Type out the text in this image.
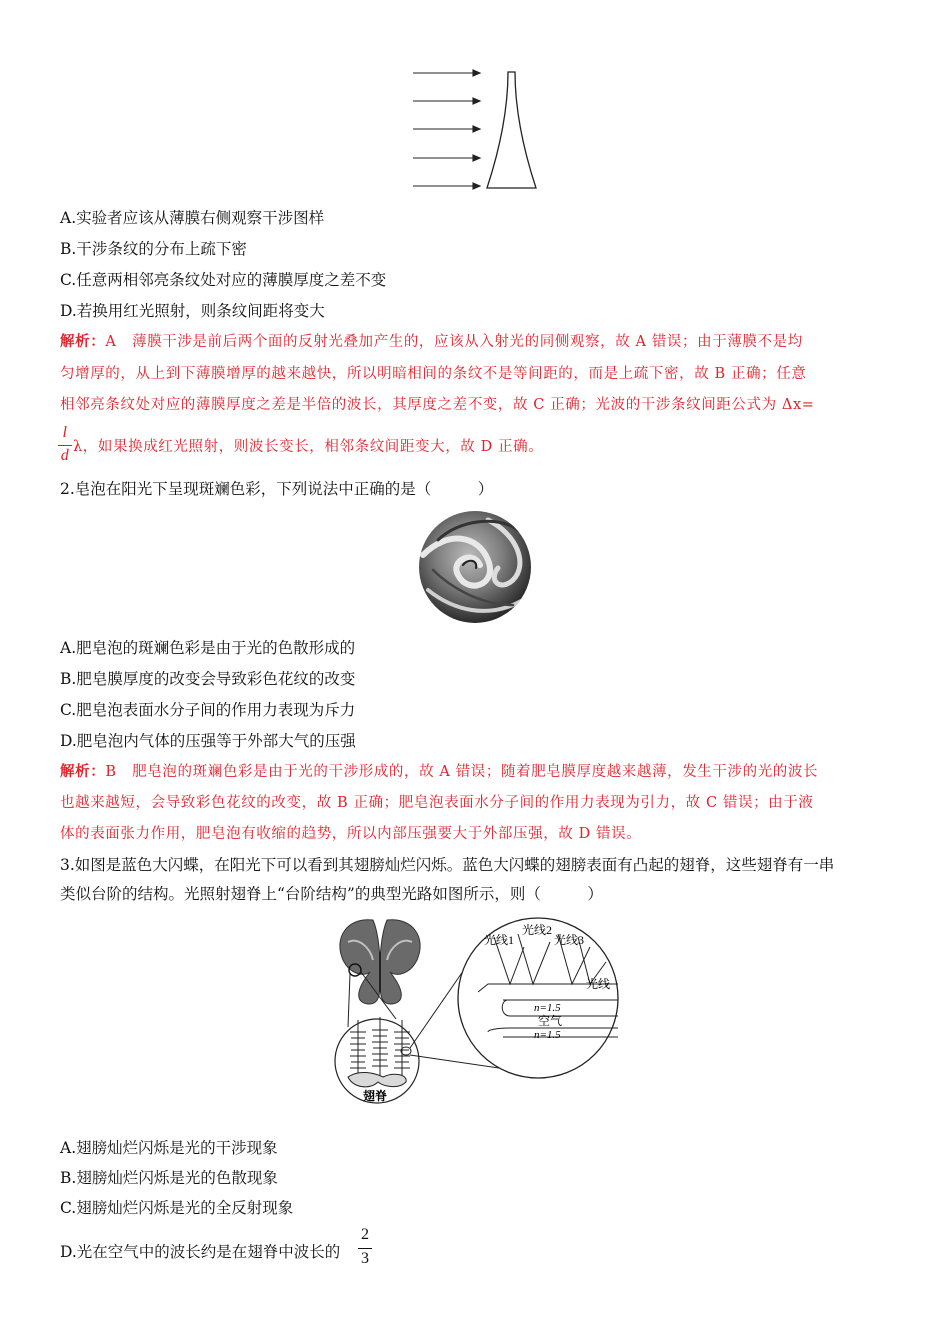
A.实验者应该从薄膜右侧观察干涉图样
B.干涉条纹的分布上疏下密
C.任意两相邻亮条纹处对应的薄膜厚度之差不变
D.若换用红光照射，则条纹间距将变大
解析：A 薄膜干涉是前后两个面的反射光叠加产生的，应该从入射光的同侧观察，故 A 错误；由于薄膜不是均
匀增厚的，从上到下薄膜增厚的越来越快，所以明暗相间的条纹不是等间距的，而是上疏下密，故 B 正确；任意
相邻亮条纹处对应的薄膜厚度之差是半倍的波长，其厚度之差不变，故 C 正确；光波的干涉条纹间距公式为 Δx=
l
d λ，如果换成红光照射，则波长变长，相邻条纹间距变大，故 D 正确。
2.皂泡在阳光下呈现斑斓色彩，下列说法中正确的是（　　　）
A.肥皂泡的斑斓色彩是由于光的色散形成的
B.肥皂膜厚度的改变会导致彩色花纹的改变
C.肥皂泡表面水分子间的作用力表现为斥力
D.肥皂泡内气体的压强等于外部大气的压强
解析：B 肥皂泡的斑斓色彩是由于光的干涉形成的，故 A 错误；随着肥皂膜厚度越来越薄，发生干涉的光的波长
也越来越短，会导致彩色花纹的改变，故 B 正确；肥皂泡表面水分子间的作用力表现为引力，故 C 错误；由于液
体的表面张力作用，肥皂泡有收缩的趋势，所以内部压强要大于外部压强，故 D 错误。
3.如图是蓝色大闪蝶，在阳光下可以看到其翅膀灿烂闪烁。蓝色大闪蝶的翅膀表面有凸起的翅脊，这些翅脊有一串
类似台阶的结构。光照射翅脊上“台阶结构”的典型光路如图所示，则（　　　）
翅脊
光线1
光线2
光线3
光线
n=1.5
空气
n=1.5
A.翅膀灿烂闪烁是光的干涉现象
B.翅膀灿烂闪烁是光的色散现象
C.翅膀灿烂闪烁是光的全反射现象
D.光在空气中的波长约是在翅脊中波长的
2
3
